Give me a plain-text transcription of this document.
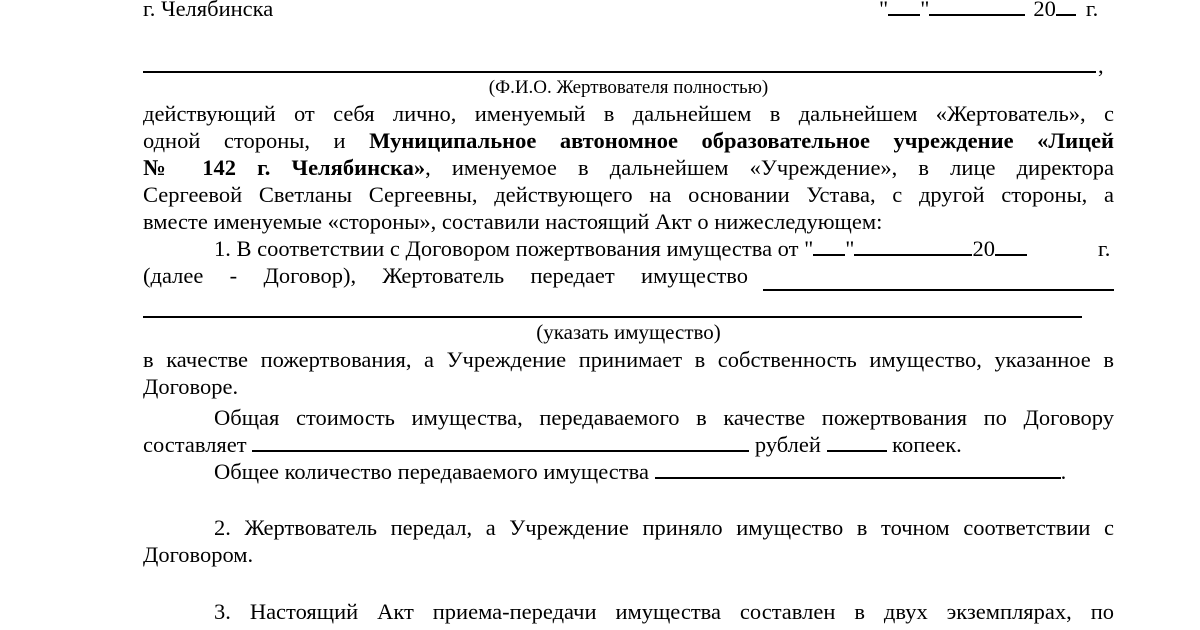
г. Челябинска	" "	20 г.
,
(Ф.И.О. Жертвователя полностью)
действующий от себя лично, именуемый в дальнейшем в дальнейшем «Жертователь», с
одной стороны, и Муниципальное автономное образовательное учреждение «Лицей
№ 142 г. Челябинска», именуемое в дальнейшем «Учреждение», в лице директора
Сергеевой Светланы Сергеевны, действующего на основании Устава, с другой стороны, а
вместе именуемые «стороны», составили настоящий Акт о нижеследующем:
1. В соответствии с Договором пожертвования имущества от " "	20	г.
(далее - Договор), Жертователь передает имущество
(указать имущество)
в качестве пожертвования, а Учреждение принимает в собственность имущество, указанное в
Договоре.
Общая стоимость имущества, передаваемого в качестве пожертвования по Договору
составляет	рублей	копеек.
Общее количество передаваемого имущества	.
2. Жертвователь передал, а Учреждение приняло имущество в точном соответствии с
Договором.
3. Настоящий Акт приема-передачи имущества составлен в двух экземплярах, по
